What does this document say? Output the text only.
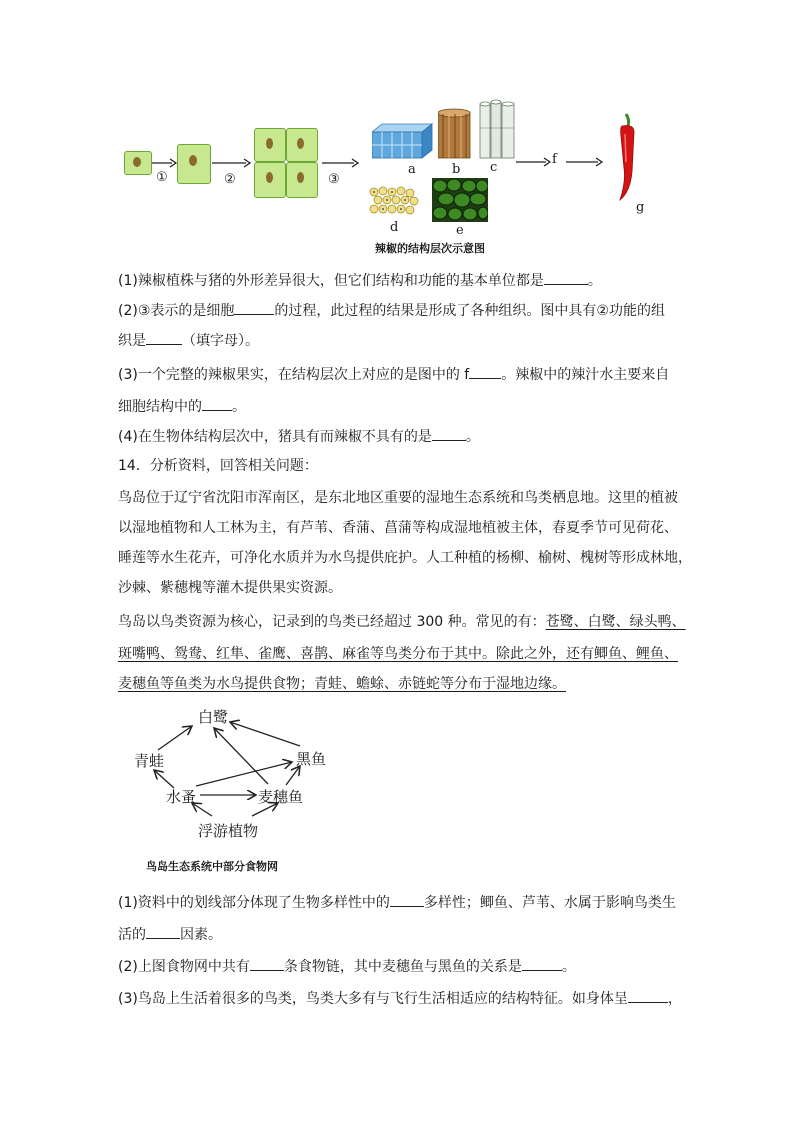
①	②	③
a	b c
d	e
f
g
辣椒的结构层次示意图
(1)辣椒植株与猪的外形差异很大，但它们结构和功能的基本单位都是	。
(2)③表示的是细胞	的过程，此过程的结果是形成了各种组织。图中具有②功能的组
织是	（填字母）。
(3)一个完整的辣椒果实，在结构层次上对应的是图中的 f 。辣椒中的辣汁水主要来自
细胞结构中的 。
(4)在生物体结构层次中，猪具有而辣椒不具有的是 。
14．分析资料，回答相关问题：
鸟岛位于辽宁省沈阳市浑南区，是东北地区重要的湿地生态系统和鸟类栖息地。这里的植被
以湿地植物和人工林为主，有芦苇、香蒲、菖蒲等构成湿地植被主体，春夏季节可见荷花、
睡莲等水生花卉，可净化水质并为水鸟提供庇护。人工种植的杨柳、榆树、槐树等形成林地，
沙棘、紫穗槐等灌木提供果实资源。
鸟岛以鸟类资源为核心，记录到的鸟类已经超过 300 种。常见的有：苍鹭、白鹭、绿头鸭、
斑嘴鸭、鸳鸯、红隼、雀鹰、喜鹊、麻雀等鸟类分布于其中。除此之外，还有鲫鱼、鲤鱼、
麦穗鱼等鱼类为水鸟提供食物；青蛙、蟾蜍、赤链蛇等分布于湿地边缘。
白鹭
青蛙	黑鱼
水蚤	麦穗鱼
浮游植物
鸟岛生态系统中部分食物网
(1)资料中的划线部分体现了生物多样性中的 多样性；鲫鱼、芦苇、水属于影响鸟类生
活的 因素。
(2)上图食物网中共有 条食物链，其中麦穗鱼与黑鱼的关系是	。
(3)鸟岛上生活着很多的鸟类，鸟类大多有与飞行生活相适应的结构特征。如身体呈	，
